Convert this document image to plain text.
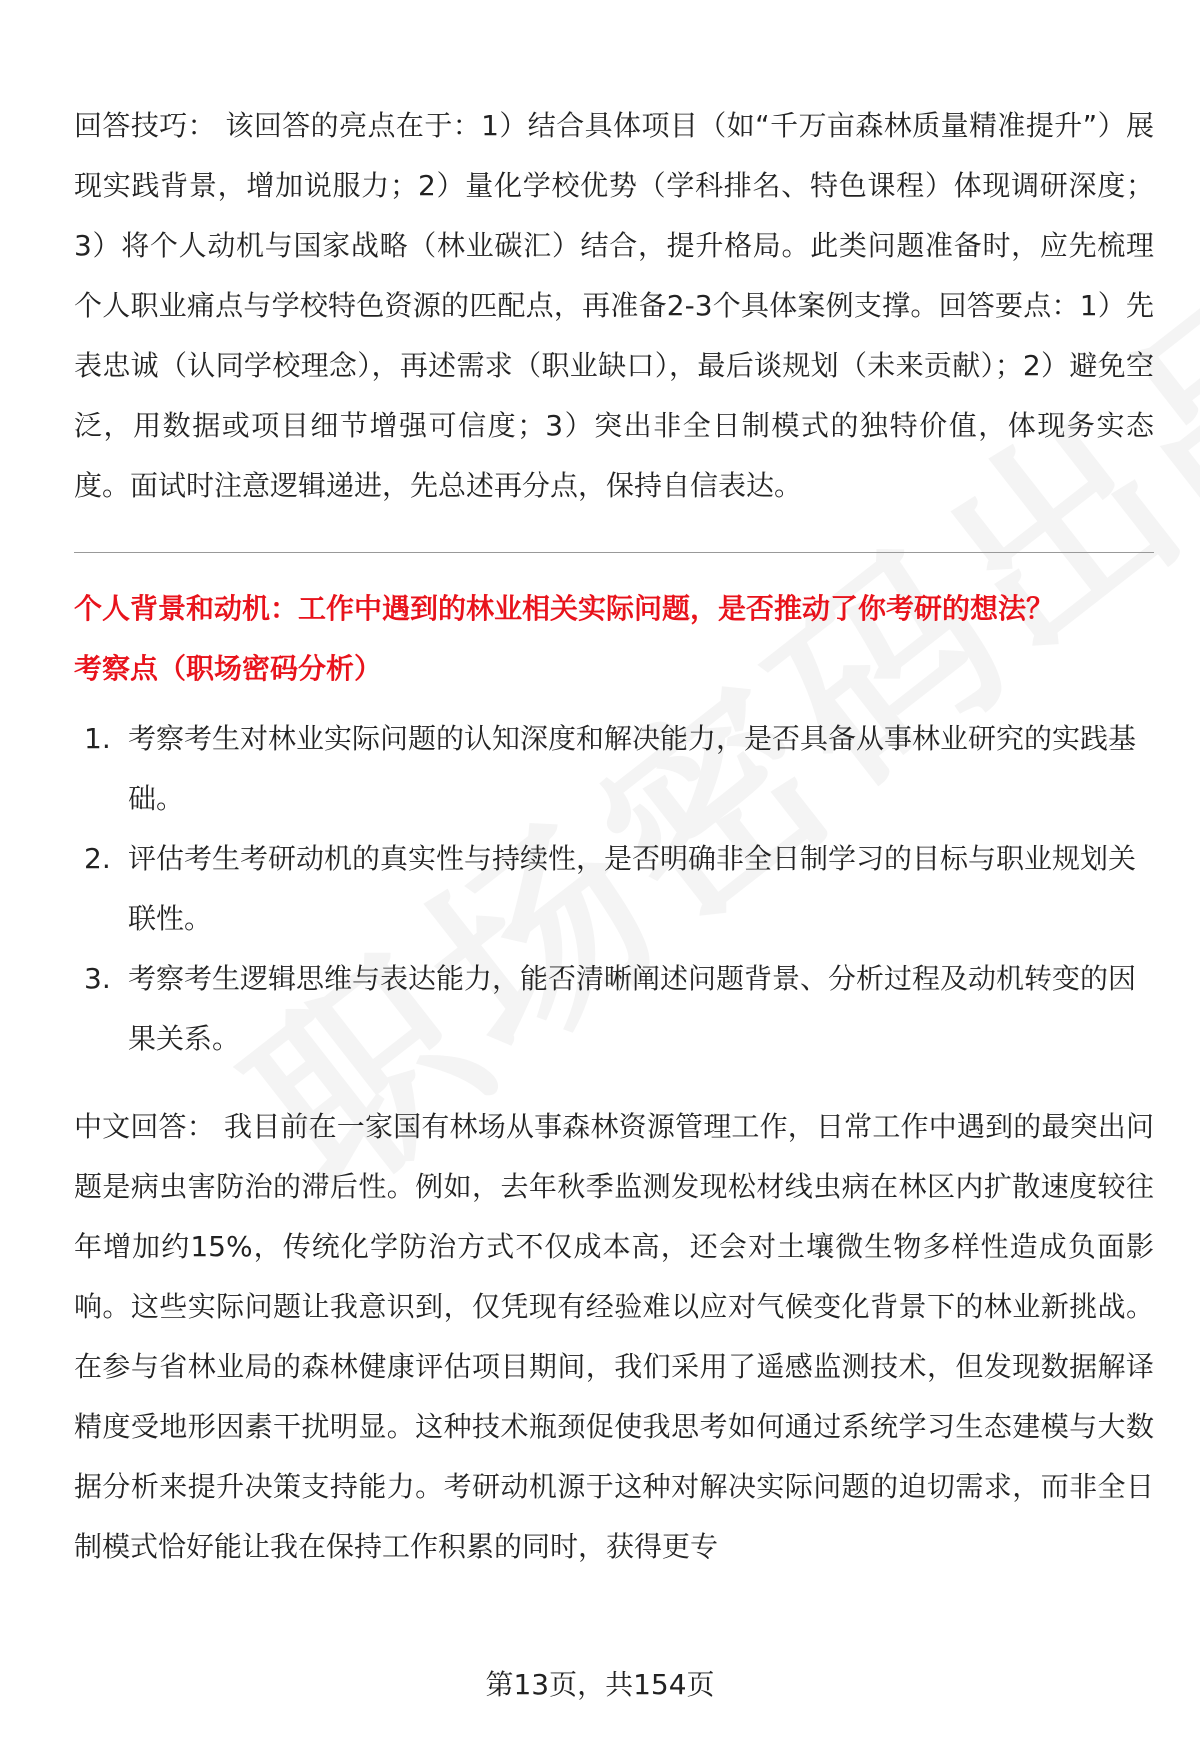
回答技巧： 该回答的亮点在于：1）结合具体项目（如“千万亩森林质量精准提升”）展现实践背景，增加说服力；2）量化学校优势（学科排名、特色课程）体现调研深度；3）将个人动机与国家战略（林业碳汇）结合，提升格局。此类问题准备时，应先梳理个人职业痛点与学校特色资源的匹配点，再准备2-3个具体案例支撑。回答要点：1）先表忠诚（认同学校理念），再述需求（职业缺口），最后谈规划（未来贡献）；2）避免空泛，用数据或项目细节增强可信度；3）突出非全日制模式的独特价值，体现务实态度。面试时注意逻辑递进，先总述再分点，保持自信表达。

个人背景和动机：工作中遇到的林业相关实际问题，是否推动了你考研的想法？

考察点（职场密码分析）

1. 考察考生对林业实际问题的认知深度和解决能力，是否具备从事林业研究的实践基础。
2. 评估考生考研动机的真实性与持续性，是否明确非全日制学习的目标与职业规划关联性。
3. 考察考生逻辑思维与表达能力，能否清晰阐述问题背景、分析过程及动机转变的因果关系。

中文回答： 我目前在一家国有林场从事森林资源管理工作，日常工作中遇到的最突出问题是病虫害防治的滞后性。例如，去年秋季监测发现松材线虫病在林区内扩散速度较往年增加约15%，传统化学防治方式不仅成本高，还会对土壤微生物多样性造成负面影响。这些实际问题让我意识到，仅凭现有经验难以应对气候变化背景下的林业新挑战。在参与省林业局的森林健康评估项目期间，我们采用了遥感监测技术，但发现数据解译精度受地形因素干扰明显。这种技术瓶颈促使我思考如何通过系统学习生态建模与大数据分析来提升决策支持能力。考研动机源于这种对解决实际问题的迫切需求，而非全日制模式恰好能让我在保持工作积累的同时，获得更专

第13页，共154页
